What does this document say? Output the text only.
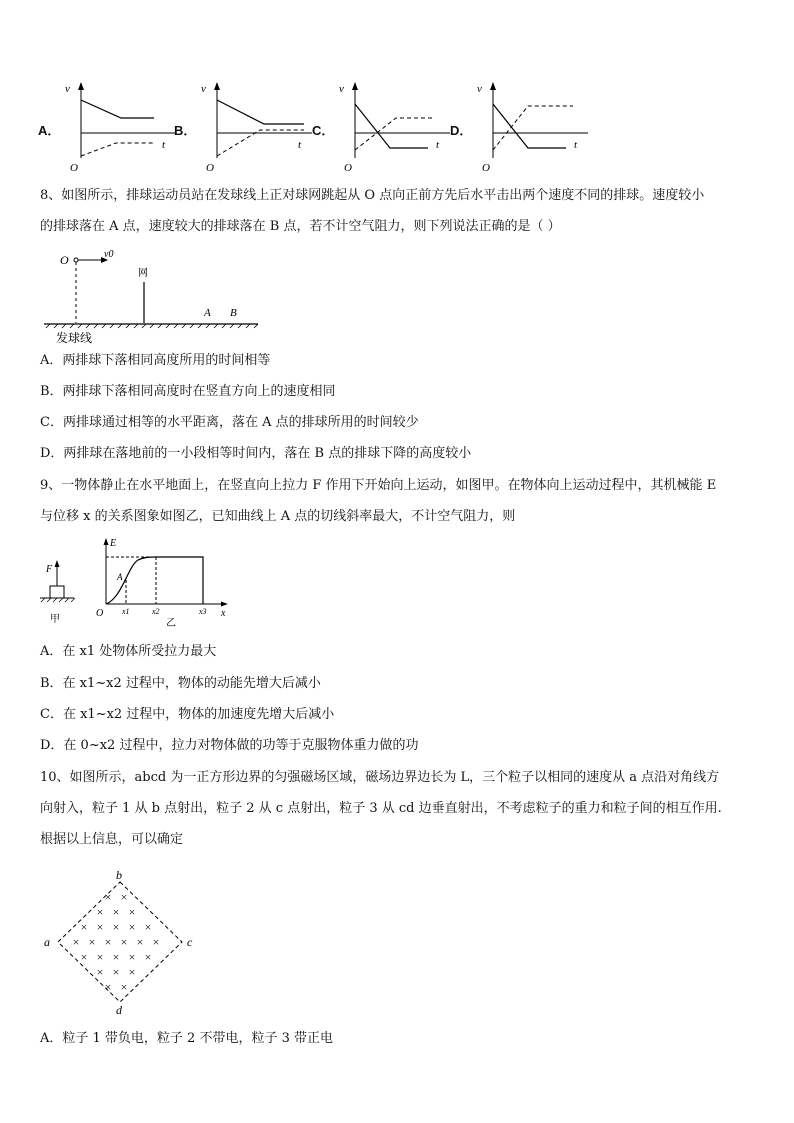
A．
v
t
O
B．
v
t
O
C．
v
t
O
D．
v
t
O
8、如图所示，排球运动员站在发球线上正对球网跳起从 O 点向正前方先后水平击出两个速度不同的排球。速度较小
的排球落在 A 点，速度较大的排球落在 B 点，若不计空气阻力，则下列说法正确的是（ ）
O	v0
网
A B
发球线
A．两排球下落相同高度所用的时间相等
B．两排球下落相同高度时在竖直方向上的速度相同
C．两排球通过相等的水平距离，落在 A 点的排球所用的时间较少
D．两排球在落地前的一小段相等时间内，落在 B 点的排球下降的高度较小
9、一物体静止在水平地面上，在竖直向上拉力 F 作用下开始向上运动，如图甲。在物体向上运动过程中，其机械能 E
与位移 x 的关系图象如图乙，已知曲线上 A 点的切线斜率最大，不计空气阻力，则
F
甲
E
x
O
A
x1	x2	x3
乙
A．在 x1 处物体所受拉力最大
B．在 x1~x2 过程中，物体的动能先增大后减小
C．在 x1~x2 过程中，物体的加速度先增大后减小
D．在 0~x2 过程中，拉力对物体做的功等于克服物体重力做的功
10、如图所示，abcd 为一正方形边界的匀强磁场区域，磁场边界边长为 L，三个粒子以相同的速度从 a 点沿对角线方
向射入，粒子 1 从 b 点射出，粒子 2 从 c 点射出，粒子 3 从 cd 边垂直射出，不考虑粒子的重力和粒子间的相互作用.
根据以上信息，可以确定
b
a	c
d
× ×
× × ×
× × × × ×
× × × × × ×
× × × × ×
× × ×
× ×
A．粒子 1 带负电，粒子 2 不带电，粒子 3 带正电
